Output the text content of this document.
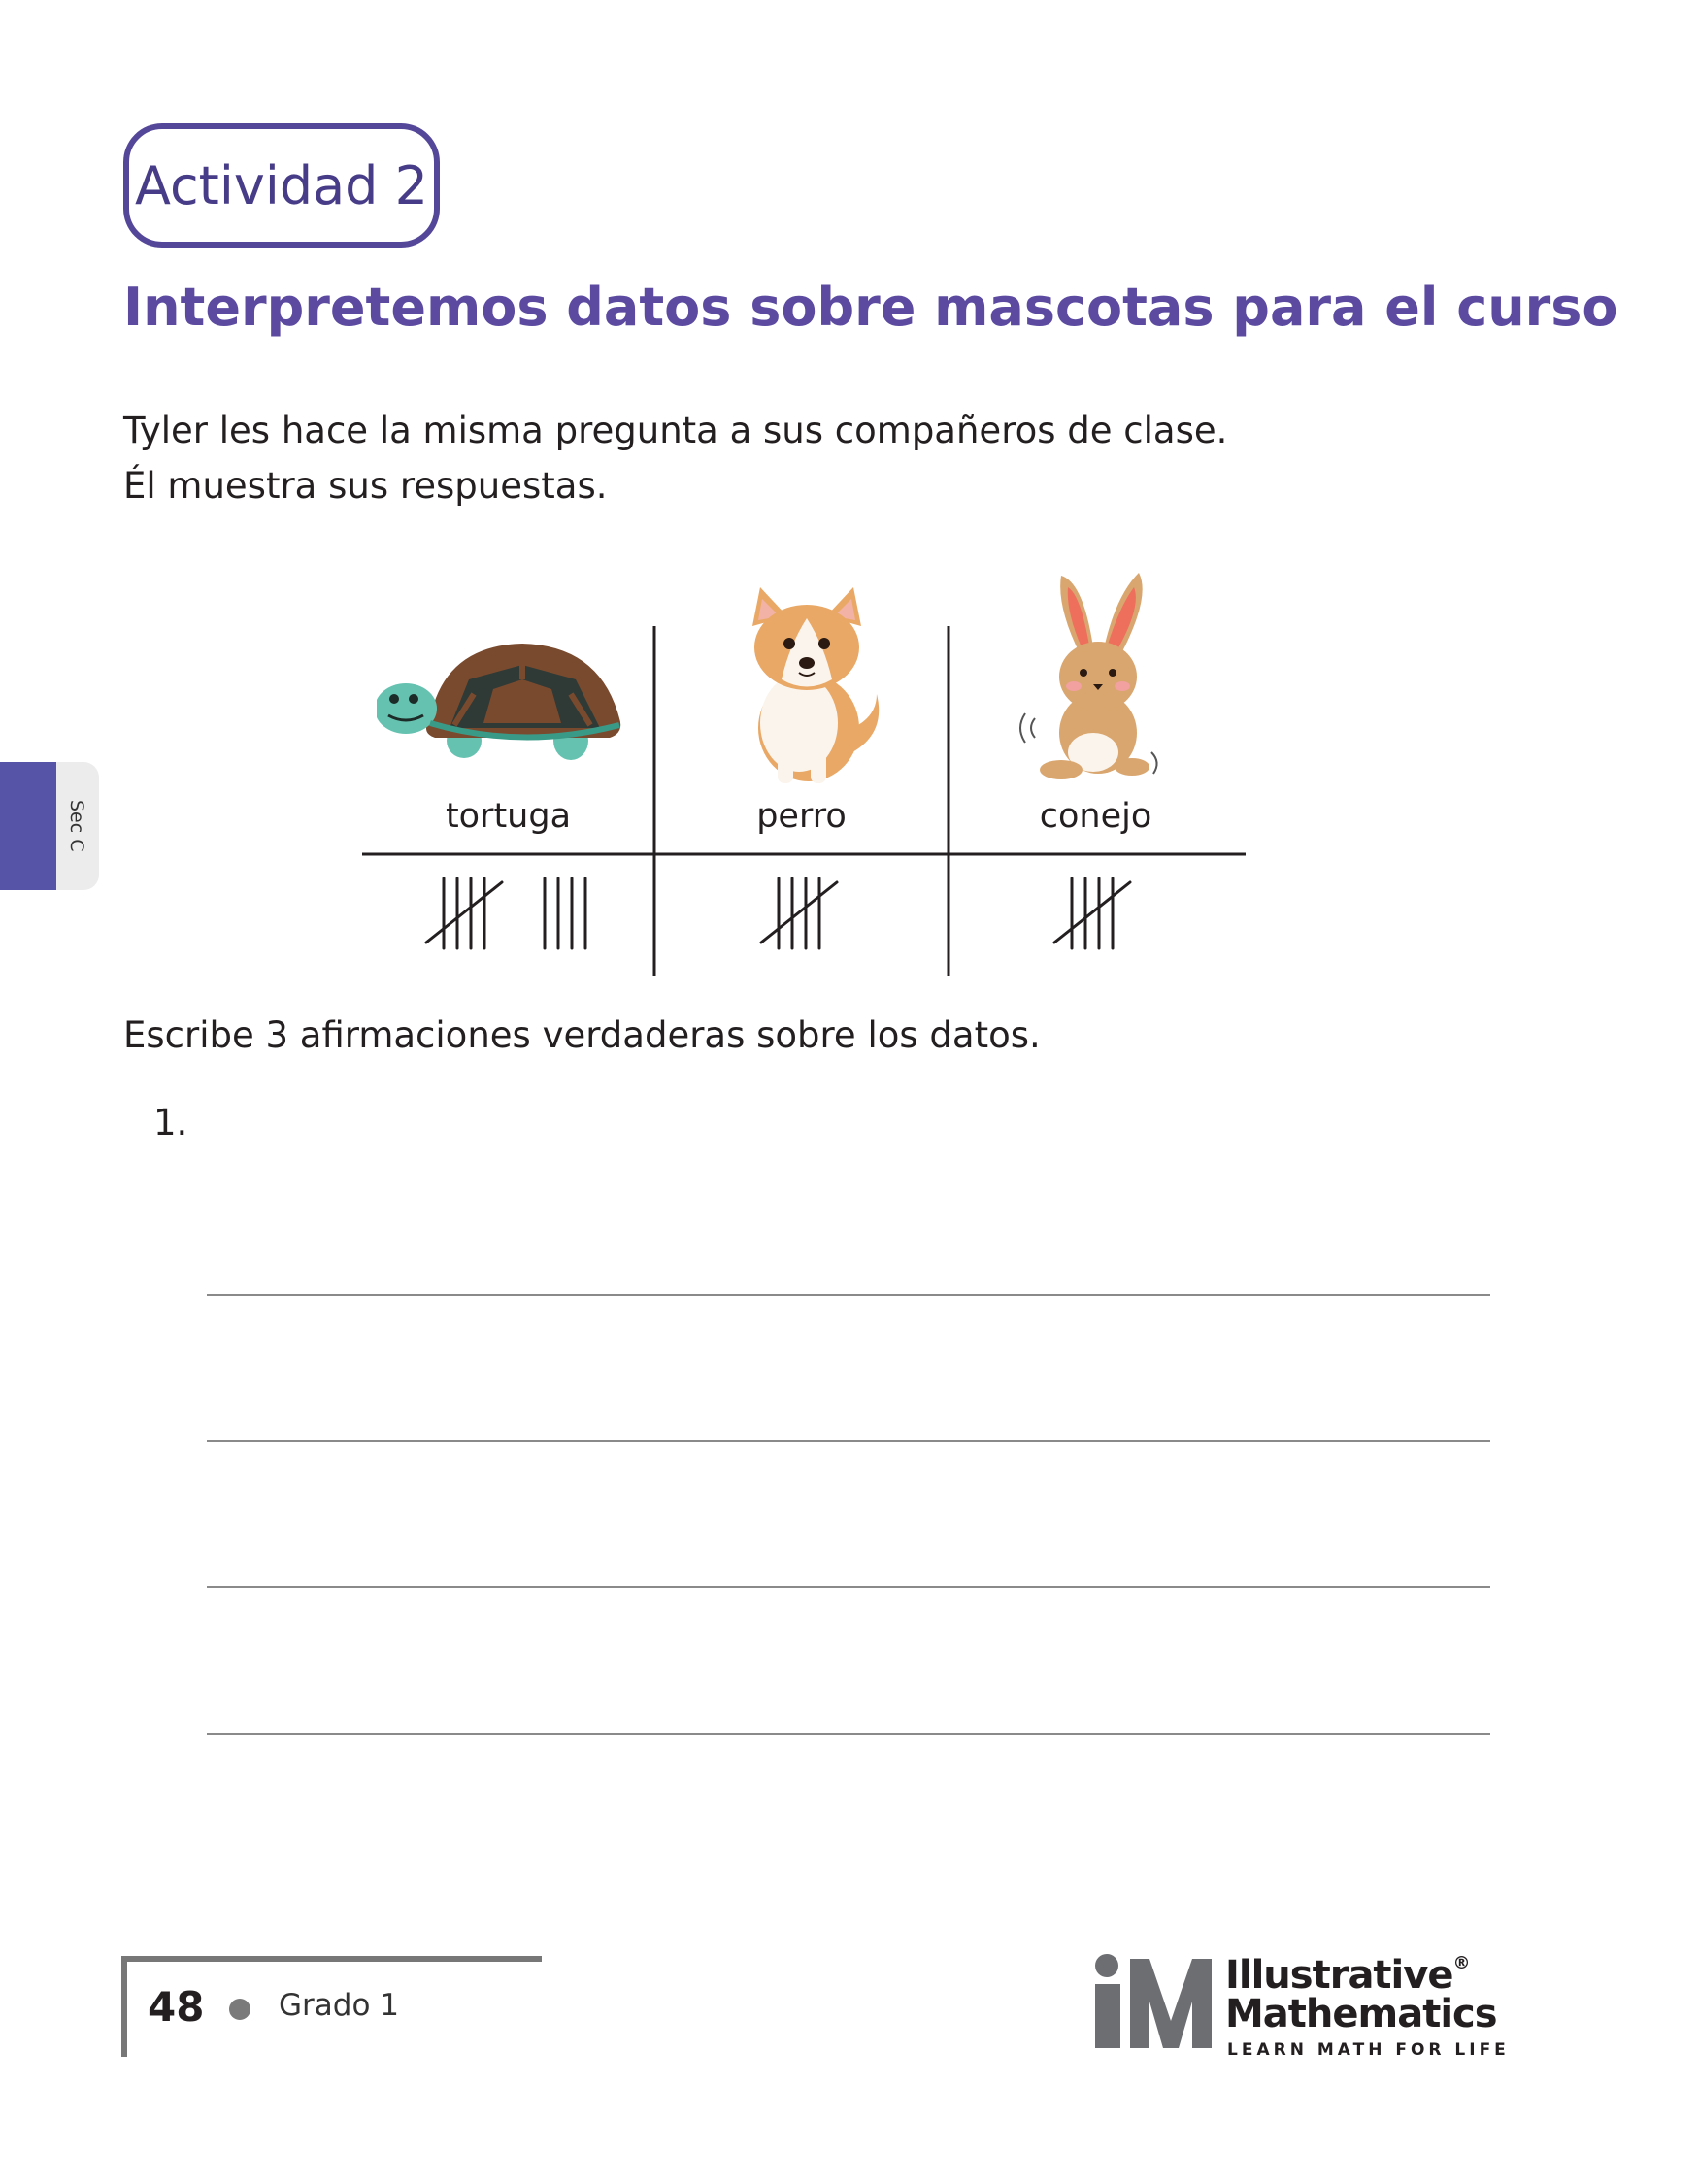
Actividad 2
Interpretemos datos sobre mascotas para el curso

Tyler les hace la misma pregunta a sus compañeros de clase.

Él muestra sus respuestas.

tortuga	perro	conejo
Escribe 3 afirmaciones verdaderas sobre los datos.
1.
Sec C
48 Grado 1
Illustrative®
Mathematics
LEARN MATH FOR LIFE
